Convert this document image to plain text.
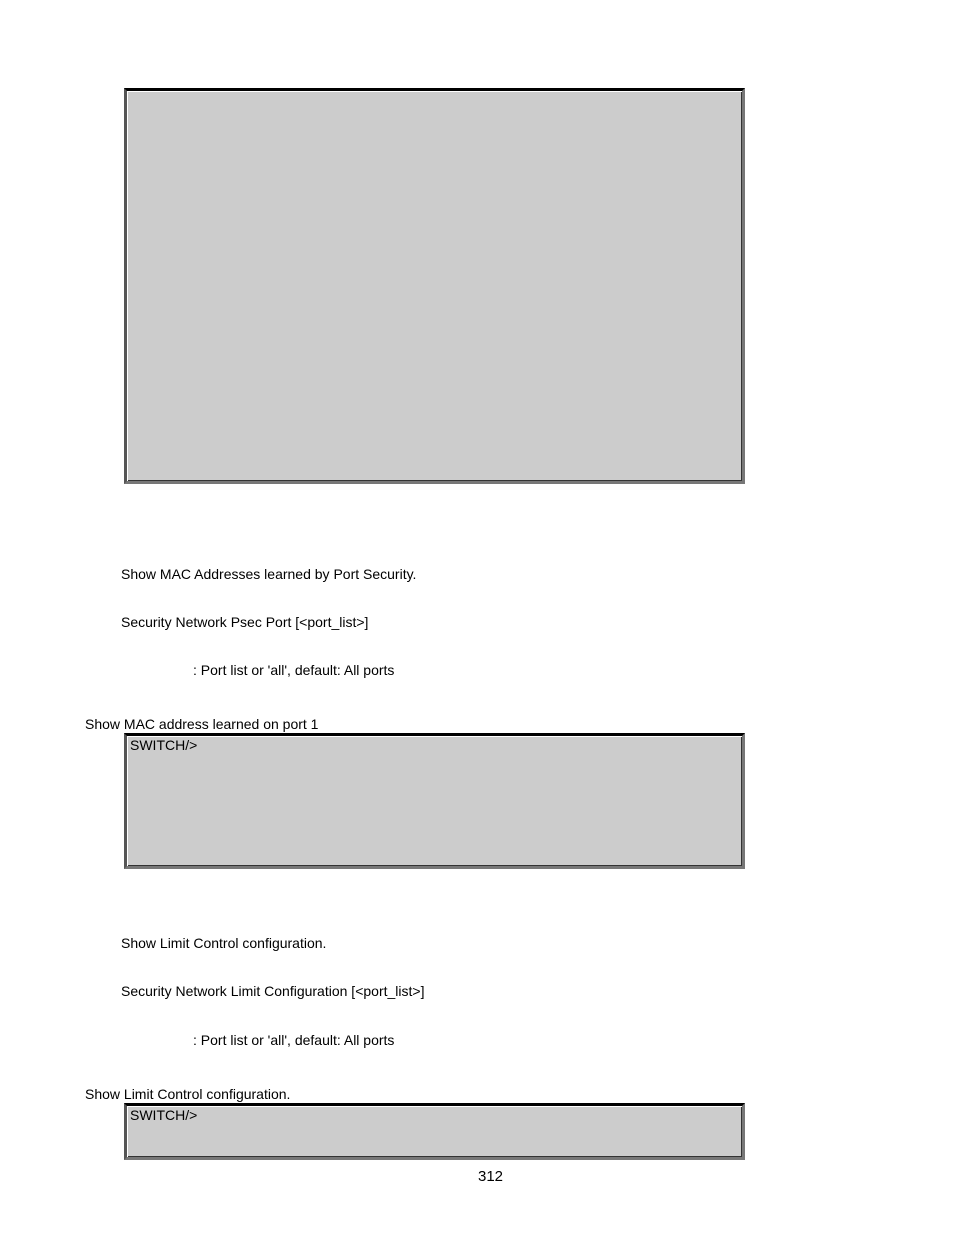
Show MAC Addresses learned by Port Security.
Security Network Psec Port [<port_list>]
: Port list or 'all', default: All ports
Show MAC address learned on port 1
SWITCH/>
Show Limit Control configuration.
Security Network Limit Configuration [<port_list>]
: Port list or 'all', default: All ports
Show Limit Control configuration.
SWITCH/>
312
